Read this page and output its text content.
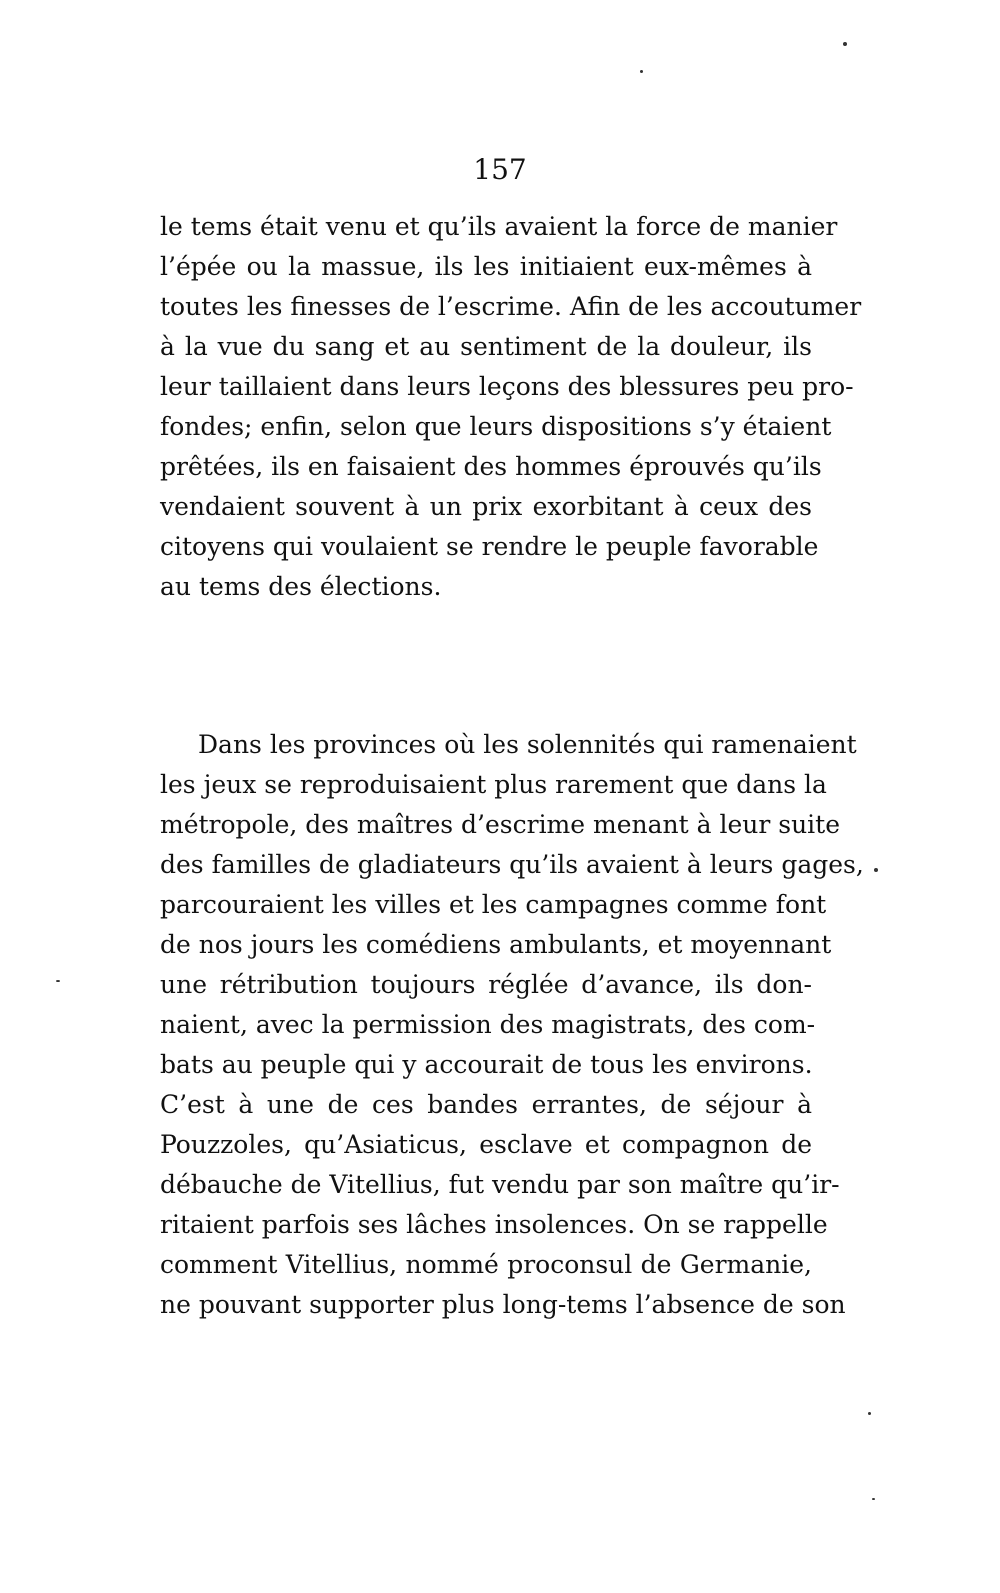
157

le tems était venu et qu’ils avaient la force de manier
l’épée ou la massue, ils les initiaient eux-mêmes à
toutes les finesses de l’escrime. Afin de les accoutumer
à la vue du sang et au sentiment de la douleur, ils
leur taillaient dans leurs leçons des blessures peu pro-
fondes; enfin, selon que leurs dispositions s’y étaient
prêtées, ils en faisaient des hommes éprouvés qu’ils
vendaient souvent à un prix exorbitant à ceux des
citoyens qui voulaient se rendre le peuple favorable
au tems des élections.
Dans les provinces où les solennités qui ramenaient
les jeux se reproduisaient plus rarement que dans la
métropole, des maîtres d’escrime menant à leur suite
des familles de gladiateurs qu’ils avaient à leurs gages,
parcouraient les villes et les campagnes comme font
de nos jours les comédiens ambulants, et moyennant
une rétribution toujours réglée d’avance, ils don-
naient, avec la permission des magistrats, des com-
bats au peuple qui y accourait de tous les environs.
C’est à une de ces bandes errantes, de séjour à
Pouzzoles, qu’Asiaticus, esclave et compagnon de
débauche de Vitellius, fut vendu par son maître qu’ir-
ritaient parfois ses lâches insolences. On se rappelle
comment Vitellius, nommé proconsul de Germanie,
ne pouvant supporter plus long-tems l’absence de son
